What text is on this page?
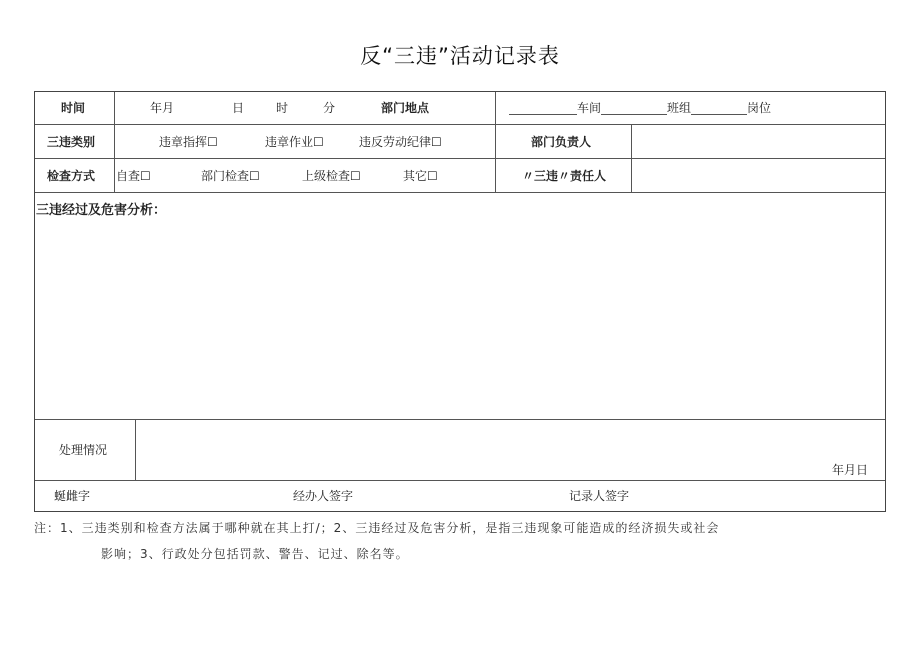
反“三违”活动记录表
时间	年月	日	时	分	部门地点	车间	班组	岗位
三违类别	违章指挥☐	违章作业☐	违反劳动纪律☐	部门负责人
检查方式 自查☐	部门检查☐	上级检查☐	其它☐	〃三违〃责任人
三违经过及危害分析：
处理情况
年月日
蜒雌字	经办人签字	记录人签字
注：1、三违类别和检查方法属于哪种就在其上打/；2、三违经过及危害分析，是指三违现象可能造成的经济损失或社会
影响；3、行政处分包括罚款、警告、记过、除名等。
